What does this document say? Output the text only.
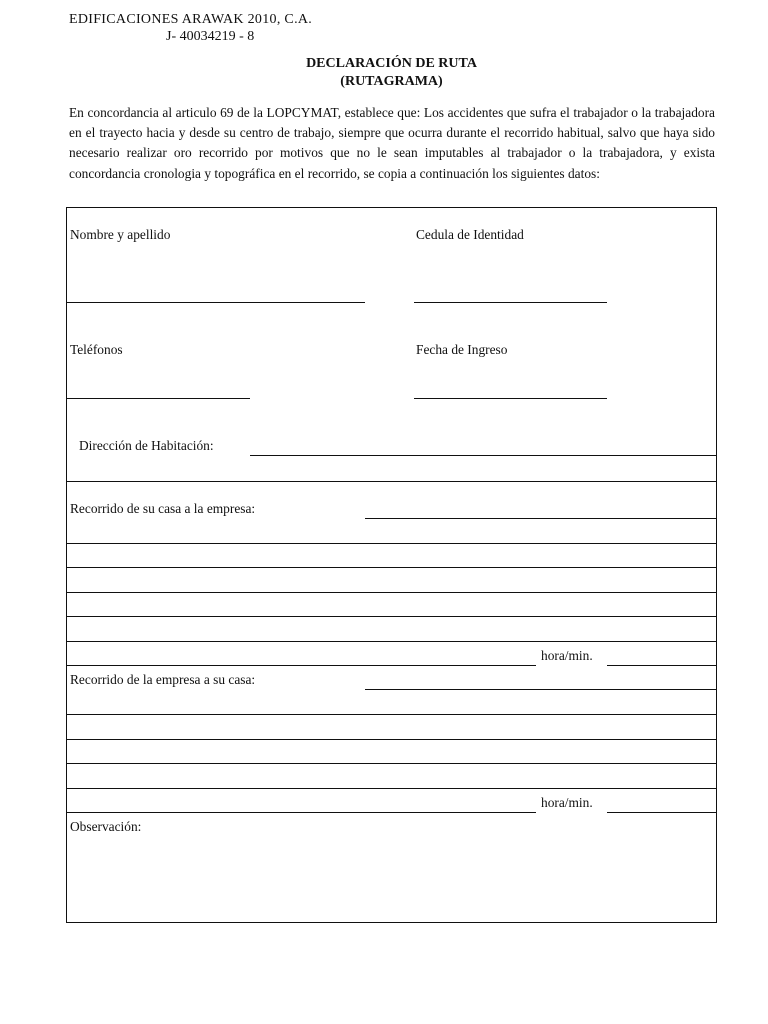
EDIFICACIONES ARAWAK 2010, C.A.
J- 40034219 - 8
DECLARACIÓN DE RUTA
(RUTAGRAMA)
En concordancia al articulo 69 de la LOPCYMAT, establece que: Los accidentes que sufra el trabajador o la trabajadora en el trayecto hacia y desde su centro de trabajo, siempre que ocurra durante el recorrido habitual, salvo que haya sido necesario realizar oro recorrido por motivos que no le sean imputables al trabajador o la trabajadora, y exista concordancia cronologia y topográfica en el recorrido, se copia a continuación los siguientes datos:
Nombre y apellido	Cedula de Identidad
Teléfonos	Fecha de Ingreso
Dirección de Habitación:
Recorrido de su casa a la empresa:
hora/min.
Recorrido de la empresa a su casa:
hora/min.
Observación:
